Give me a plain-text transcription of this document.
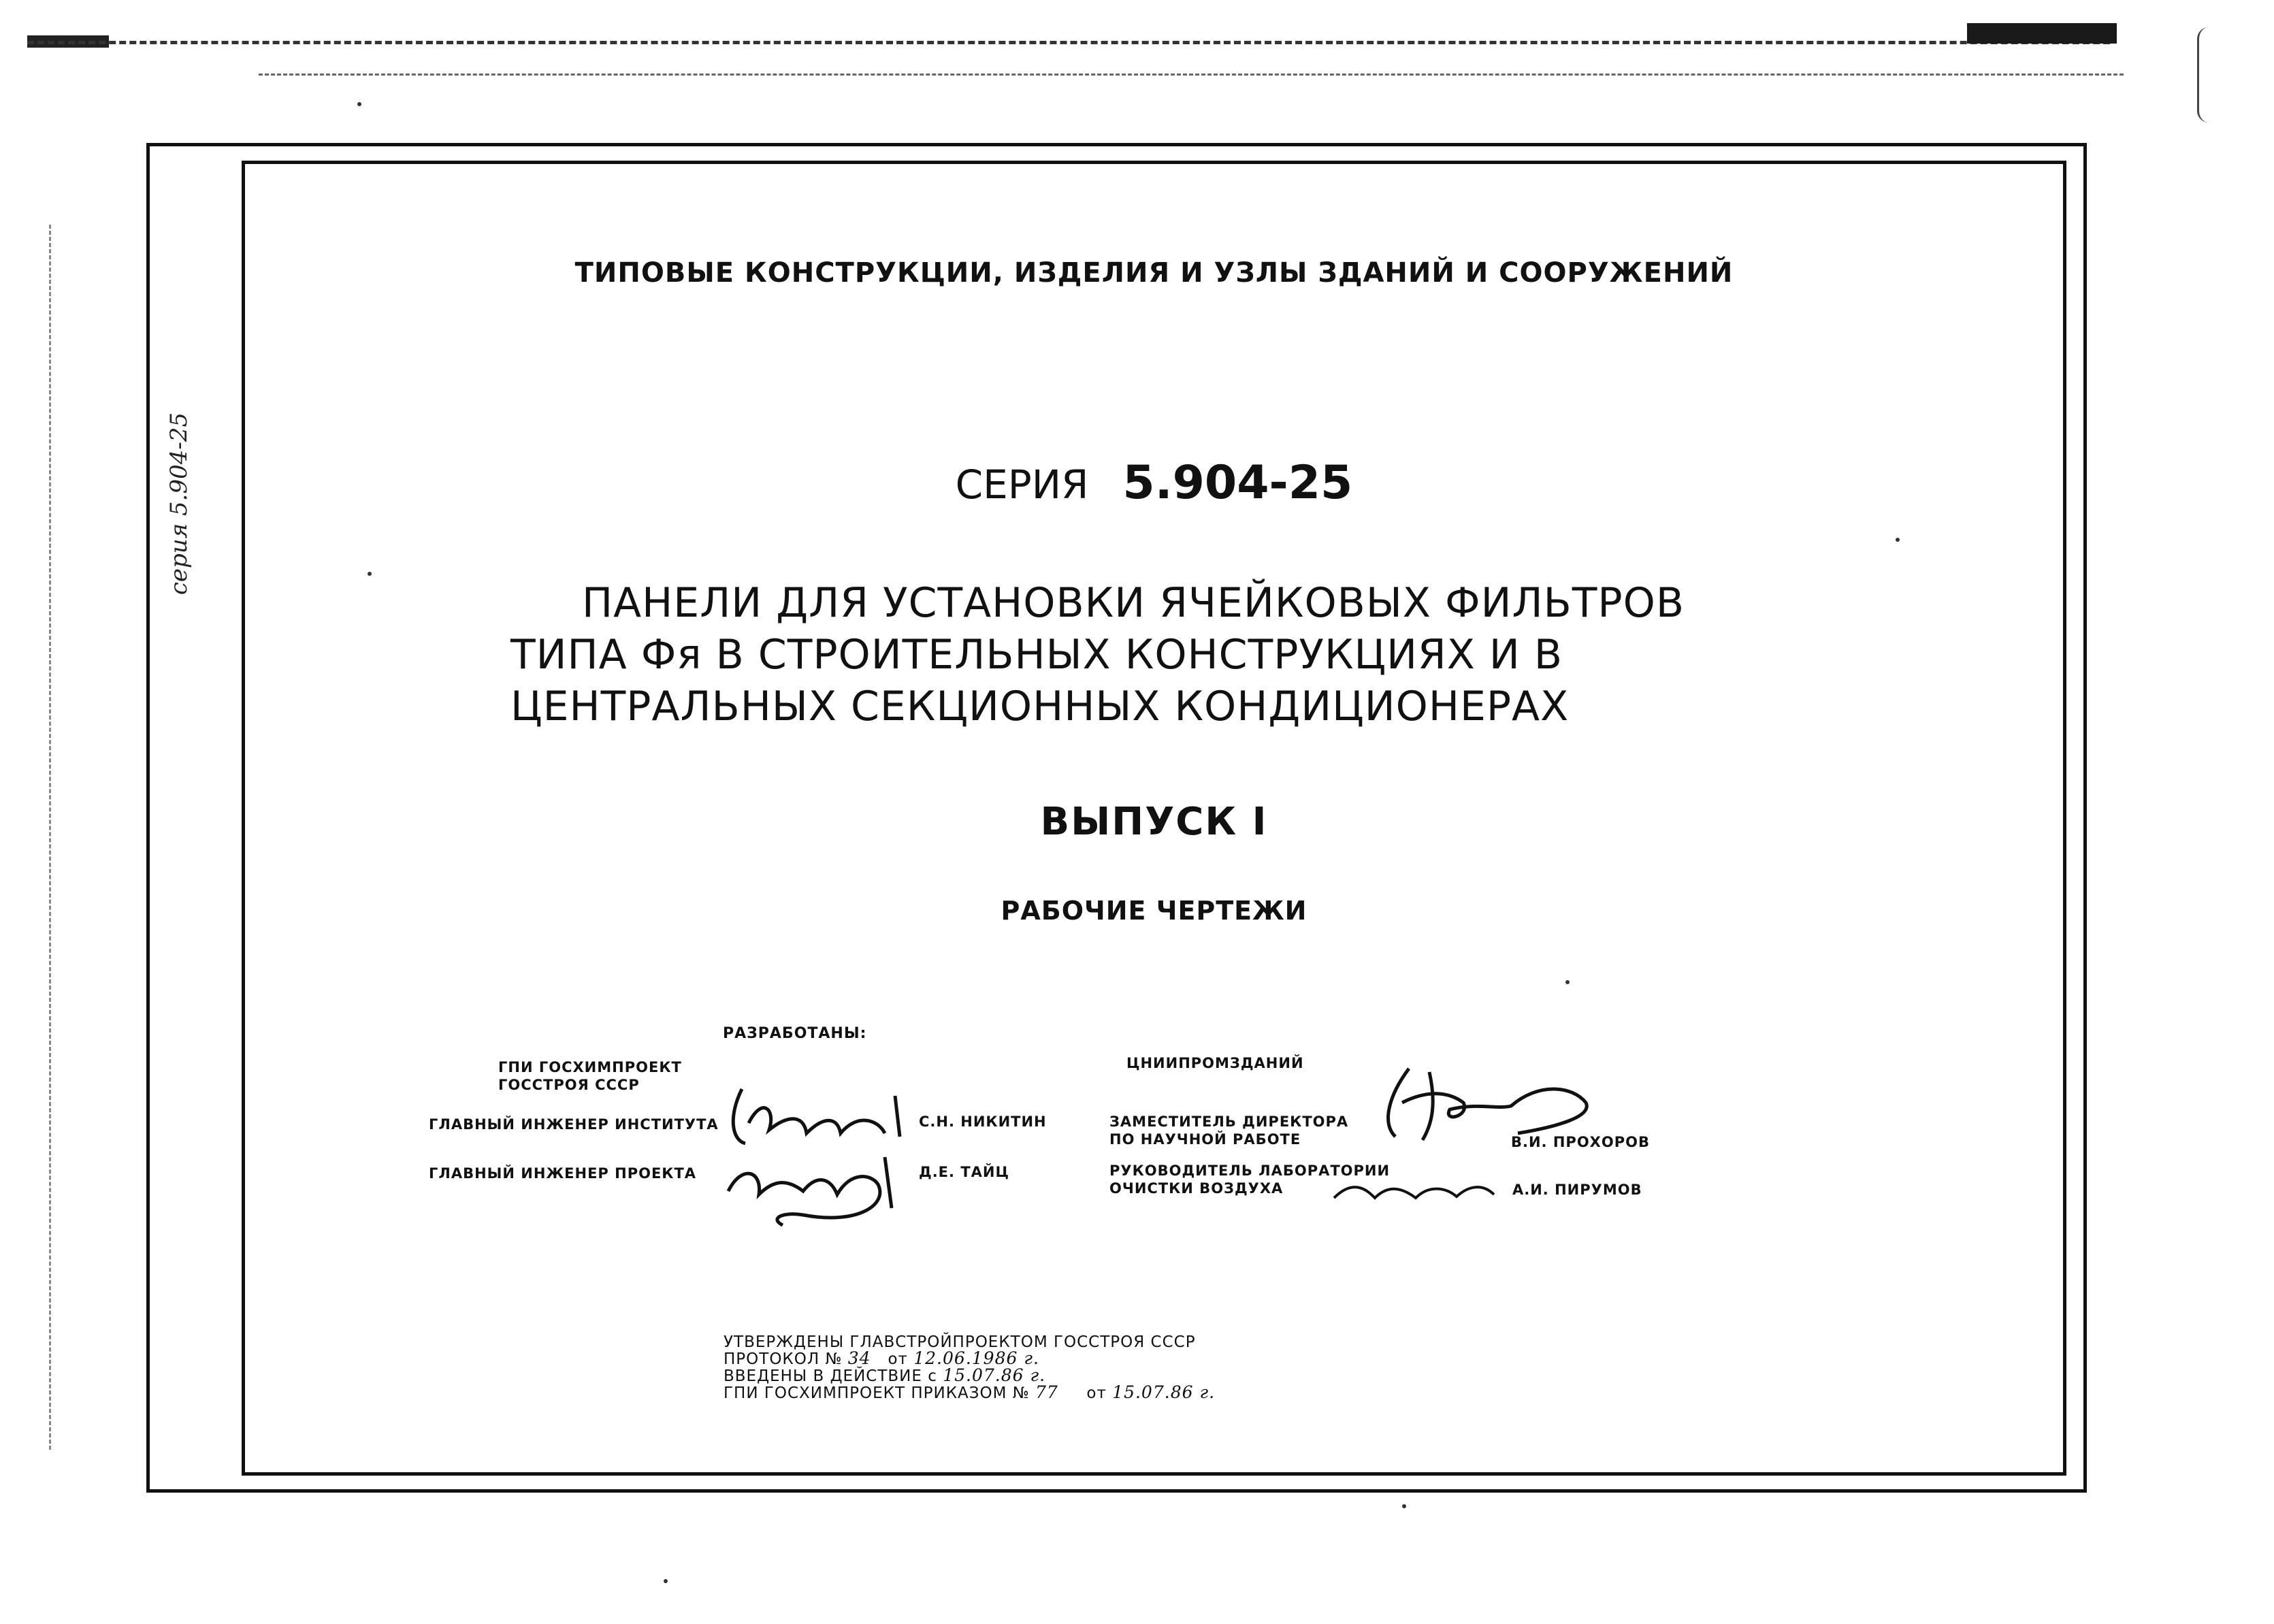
серия 5.904-25
ТИПОВЫЕ КОНСТРУКЦИИ, ИЗДЕЛИЯ И УЗЛЫ ЗДАНИЙ И СООРУЖЕНИЙ
СЕРИЯ 5.904-25
ПАНЕЛИ ДЛЯ УСТАНОВКИ ЯЧЕЙКОВЫХ ФИЛЬТРОВ
ТИПА Фя В СТРОИТЕЛЬНЫХ КОНСТРУКЦИЯХ И В
ЦЕНТРАЛЬНЫХ СЕКЦИОННЫХ КОНДИЦИОНЕРАХ
ВЫПУСК I
РАБОЧИЕ ЧЕРТЕЖИ
РАЗРАБОТАНЫ:
ГПИ ГОСХИМПРОЕКТ
ГОССТРОЯ СССР
ГЛАВНЫЙ ИНЖЕНЕР ИНСТИТУТА	С.Н. НИКИТИН
ГЛАВНЫЙ ИНЖЕНЕР ПРОЕКТА	Д.Е. ТАЙЦ
ЦНИИПРОМЗДАНИЙ
ЗАМЕСТИТЕЛЬ ДИРЕКТОРА
ПО НАУЧНОЙ РАБОТЕ	В.И. ПРОХОРОВ
РУКОВОДИТЕЛЬ ЛАБОРАТОРИИ
ОЧИСТКИ ВОЗДУХА	А.И. ПИРУМОВ
УТВЕРЖДЕНЫ ГЛАВСТРОЙПРОЕКТОМ ГОССТРОЯ СССР
ПРОТОКОЛ № 34 от 12.06.1986 г.
ВВЕДЕНЫ В ДЕЙСТВИЕ с 15.07.86 г.
ГПИ ГОСХИМПРОЕКТ ПРИКАЗОМ № 77 от 15.07.86 г.
